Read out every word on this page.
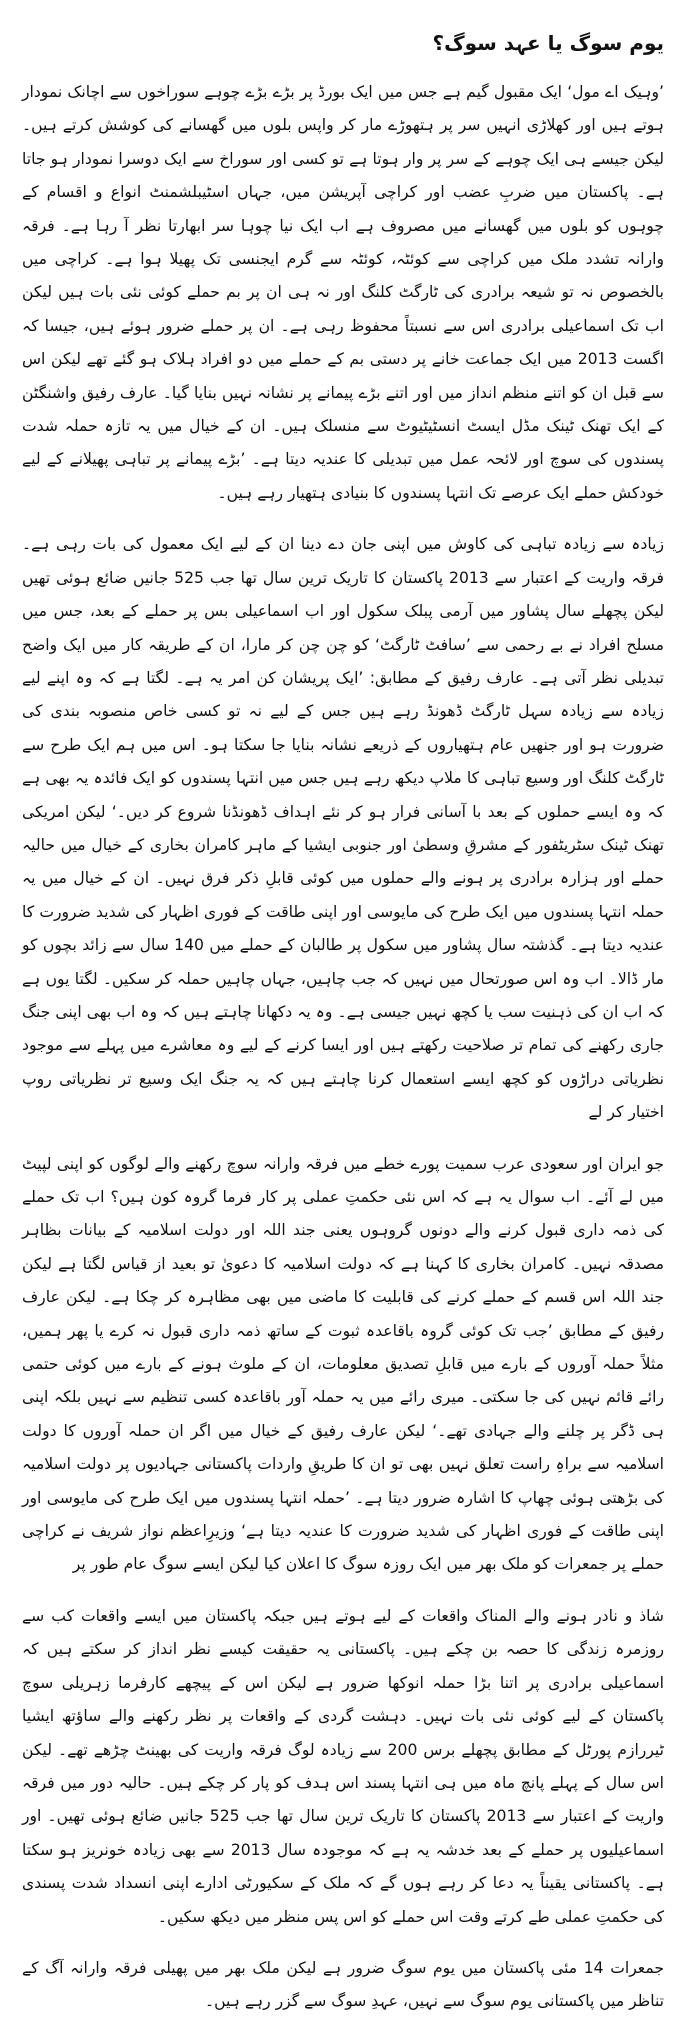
یوم سوگ یا عہد سوگ؟

’وہیک اے مول‘ ایک مقبول گیم ہے جس میں ایک بورڈ پر بڑے بڑے چوہے سوراخوں سے اچانک نمودار ہوتے ہیں اور کھلاڑی انہیں سر پر ہتھوڑے مار کر واپس بلوں میں گھسانے کی کوشش کرتے ہیں۔ لیکن جیسے ہی ایک چوہے کے سر پر وار ہوتا ہے تو کسی اور سوراخ سے ایک دوسرا نمودار ہو جاتا ہے۔ پاکستان میں ضربِ عضب اور کراچی آپریشن میں، جہاں اسٹیبلشمنٹ انواع و اقسام کے چوہوں کو بلوں میں گھسانے میں مصروف ہے اب ایک نیا چوہا سر ابھارتا نظر آ رہا ہے۔ فرقہ وارانہ تشدد ملک میں کراچی سے کوئٹہ، کوئٹہ سے گرم ایجنسی تک پھیلا ہوا ہے۔ کراچی میں بالخصوص نہ تو شیعہ برادری کی ٹارگٹ کلنگ اور نہ ہی ان پر بم حملے کوئی نئی بات ہیں لیکن اب تک اسماعیلی برادری اس سے نسبتاً محفوظ رہی ہے۔ ان پر حملے ضرور ہوئے ہیں، جیسا کہ اگست 2013 میں ایک جماعت خانے پر دستی بم کے حملے میں دو افراد ہلاک ہو گئے تھے لیکن اس سے قبل ان کو اتنے منظم انداز میں اور اتنے بڑے پیمانے پر نشانہ نہیں بنایا گیا۔ عارف رفیق واشنگٹن کے ایک تھنک ٹینک مڈل ایسٹ انسٹیٹیوٹ سے منسلک ہیں۔ ان کے خیال میں یہ تازہ حملہ شدت پسندوں کی سوچ اور لائحہ عمل میں تبدیلی کا عندیہ دیتا ہے۔ ’بڑے پیمانے پر تباہی پھیلانے کے لیے خودکش حملے ایک عرصے تک انتہا پسندوں کا بنیادی ہتھیار رہے ہیں۔

زیادہ سے زیادہ تباہی کی کاوش میں اپنی جان دے دینا ان کے لیے ایک معمول کی بات رہی ہے۔ فرقہ واریت کے اعتبار سے 2013 پاکستان کا تاریک ترین سال تھا جب 525 جانیں ضائع ہوئی تھیں لیکن پچھلے سال پشاور میں آرمی پبلک سکول اور اب اسماعیلی بس پر حملے کے بعد، جس میں مسلح افراد نے بے رحمی سے ’سافٹ ٹارگٹ‘ کو چن چن کر مارا، ان کے طریقہ کار میں ایک واضح تبدیلی نظر آتی ہے۔ عارف رفیق کے مطابق: ’ایک پریشان کن امر یہ ہے۔ لگتا ہے کہ وہ اپنے لیے زیادہ سے زیادہ سہل ٹارگٹ ڈھونڈ رہے ہیں جس کے لیے نہ تو کسی خاص منصوبہ بندی کی ضرورت ہو اور جنھیں عام ہتھیاروں کے ذریعے نشانہ بنایا جا سکتا ہو۔ اس میں ہم ایک طرح سے ٹارگٹ کلنگ اور وسیع تباہی کا ملاپ دیکھ رہے ہیں جس میں انتہا پسندوں کو ایک فائدہ یہ بھی ہے کہ وہ ایسے حملوں کے بعد با آسانی فرار ہو کر نئے اہداف ڈھونڈنا شروع کر دیں۔‘ لیکن امریکی تھنک ٹینک سٹریٹفور کے مشرقِ وسطیٰ اور جنوبی ایشیا کے ماہر کامران بخاری کے خیال میں حالیہ حملے اور ہزارہ برادری پر ہونے والے حملوں میں کوئی قابلِ ذکر فرق نہیں۔ ان کے خیال میں یہ حملہ انتہا پسندوں میں ایک طرح کی مایوسی اور اپنی طاقت کے فوری اظہار کی شدید ضرورت کا عندیہ دیتا ہے۔ گذشتہ سال پشاور میں سکول پر طالبان کے حملے میں 140 سال سے زائد بچوں کو مار ڈالا۔ اب وہ اس صورتحال میں نہیں کہ جب چاہیں، جہاں چاہیں حملہ کر سکیں۔ لگتا یوں ہے کہ اب ان کی ذہنیت سب یا کچھ نہیں جیسی ہے۔ وہ یہ دکھانا چاہتے ہیں کہ وہ اب بھی اپنی جنگ جاری رکھنے کی تمام تر صلاحیت رکھتے ہیں اور ایسا کرنے کے لیے وہ معاشرے میں پہلے سے موجود نظریاتی دراڑوں کو کچھ ایسے استعمال کرنا چاہتے ہیں کہ یہ جنگ ایک وسیع تر نظریاتی روپ اختیار کر لے

جو ایران اور سعودی عرب سمیت پورے خطے میں فرقہ وارانہ سوچ رکھنے والے لوگوں کو اپنی لپیٹ میں لے آئے۔ اب سوال یہ ہے کہ اس نئی حکمتِ عملی پر کار فرما گروہ کون ہیں؟ اب تک حملے کی ذمہ داری قبول کرنے والے دونوں گروہوں یعنی جند اللہ اور دولت اسلامیہ کے بیانات بظاہر مصدقہ نہیں۔ کامران بخاری کا کہنا ہے کہ دولت اسلامیہ کا دعویٰ تو بعید از قیاس لگتا ہے لیکن جند اللہ اس قسم کے حملے کرنے کی قابلیت کا ماضی میں بھی مظاہرہ کر چکا ہے۔ لیکن عارف رفیق کے مطابق ’جب تک کوئی گروہ باقاعدہ ثبوت کے ساتھ ذمہ داری قبول نہ کرے یا پھر ہمیں، مثلاً حملہ آوروں کے بارے میں قابلِ تصدیق معلومات، ان کے ملوث ہونے کے بارے میں کوئی حتمی رائے قائم نہیں کی جا سکتی۔ میری رائے میں یہ حملہ آور باقاعدہ کسی تنظیم سے نہیں بلکہ اپنی ہی ڈگر پر چلنے والے جہادی تھے۔‘ لیکن عارف رفیق کے خیال میں اگر ان حملہ آوروں کا دولت اسلامیہ سے براہِ راست تعلق نہیں بھی تو ان کا طریقِ واردات پاکستانی جہادیوں پر دولت اسلامیہ کی بڑھتی ہوئی چھاپ کا اشارہ ضرور دیتا ہے۔ ’حملہ انتہا پسندوں میں ایک طرح کی مایوسی اور اپنی طاقت کے فوری اظہار کی شدید ضرورت کا عندیہ دیتا ہے‘ وزیرِاعظم نواز شریف نے کراچی حملے پر جمعرات کو ملک بھر میں ایک روزہ سوگ کا اعلان کیا لیکن ایسے سوگ عام طور پر

شاذ و نادر ہونے والے المناک واقعات کے لیے ہوتے ہیں جبکہ پاکستان میں ایسے واقعات کب سے روزمرہ زندگی کا حصہ بن چکے ہیں۔ پاکستانی یہ حقیقت کیسے نظر انداز کر سکتے ہیں کہ اسماعیلی برادری پر اتنا بڑا حملہ انوکھا ضرور ہے لیکن اس کے پیچھے کارفرما زہریلی سوچ پاکستان کے لیے کوئی نئی بات نہیں۔ دہشت گردی کے واقعات پر نظر رکھنے والے ساؤتھ ایشیا ٹیررازم پورٹل کے مطابق پچھلے برس 200 سے زیادہ لوگ فرقہ واریت کی بھینٹ چڑھے تھے۔ لیکن اس سال کے پہلے پانچ ماہ میں ہی انتہا پسند اس ہدف کو پار کر چکے ہیں۔ حالیہ دور میں فرقہ واریت کے اعتبار سے 2013 پاکستان کا تاریک ترین سال تھا جب 525 جانیں ضائع ہوئی تھیں۔ اور اسماعیلیوں پر حملے کے بعد خدشہ یہ ہے کہ موجودہ سال 2013 سے بھی زیادہ خونریز ہو سکتا ہے۔ پاکستانی یقیناً یہ دعا کر رہے ہوں گے کہ ملک کے سکیورٹی ادارے اپنی انسداد شدت پسندی کی حکمتِ عملی طے کرتے وقت اس حملے کو اس پس منظر میں دیکھ سکیں۔

جمعرات 14 مئی پاکستان میں یوم سوگ ضرور ہے لیکن ملک بھر میں پھیلی فرقہ وارانہ آگ کے تناظر میں پاکستانی یوم سوگ سے نہیں، عہدِ سوگ سے گزر رہے ہیں۔
